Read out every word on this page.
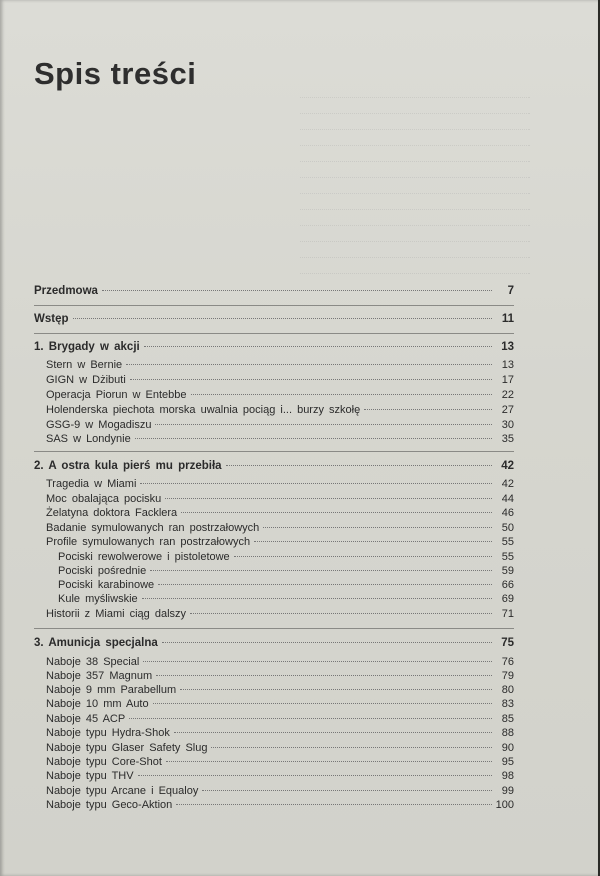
Spis treści
Przedmowa	7
Wstęp	11
1. Brygady w akcji	13
Stern w Bernie	13
GIGN w Dżibuti	17
Operacja Piorun w Entebbe	22
Holenderska piechota morska uwalnia pociąg i... burzy szkołę	27
GSG-9 w Mogadiszu	30
SAS w Londynie	35
2. A ostra kula pierś mu przebiła	42
Tragedia w Miami	42
Moc obalająca pocisku	44
Żelatyna doktora Facklera	46
Badanie symulowanych ran postrzałowych	50
Profile symulowanych ran postrzałowych	55
Pociski rewolwerowe i pistoletowe	55
Pociski pośrednie	59
Pociski karabinowe	66
Kule myśliwskie	69
Historii z Miami ciąg dalszy	71
3. Amunicja specjalna	75
Naboje 38 Special	76
Naboje 357 Magnum	79
Naboje 9 mm Parabellum	80
Naboje 10 mm Auto	83
Naboje 45 ACP	85
Naboje typu Hydra-Shok	88
Naboje typu Glaser Safety Slug	90
Naboje typu Core-Shot	95
Naboje typu THV	98
Naboje typu Arcane i Equaloy	99
Naboje typu Geco-Aktion	100
